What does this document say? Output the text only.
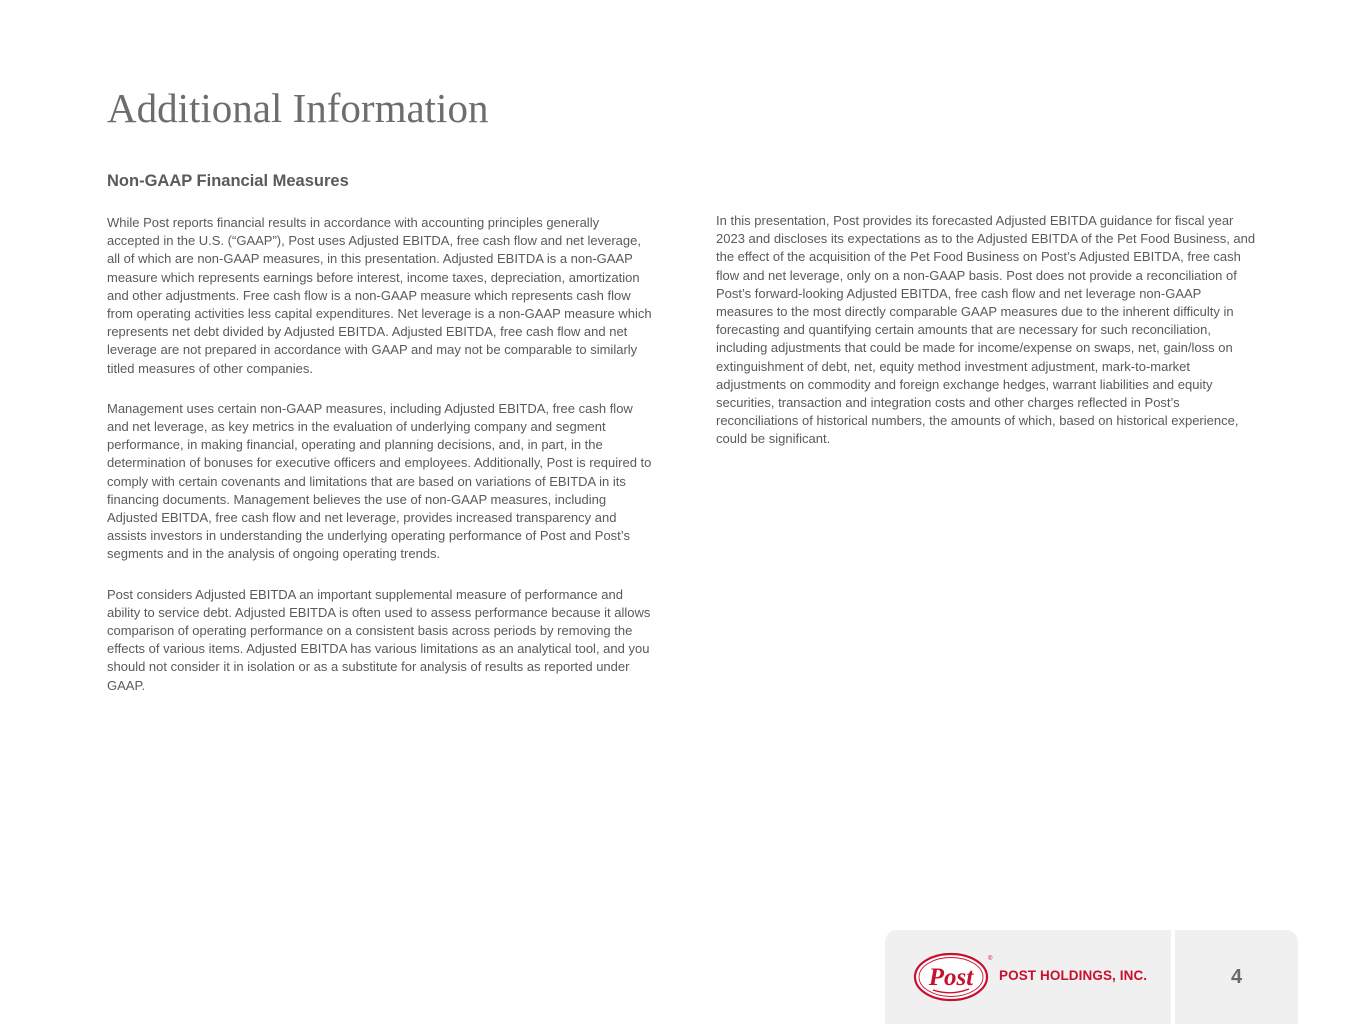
Additional Information
Non-GAAP Financial Measures

While Post reports financial results in accordance with accounting principles generally accepted in the U.S. (“GAAP”), Post uses Adjusted EBITDA, free cash flow and net leverage, all of which are non-GAAP measures, in this presentation. Adjusted EBITDA is a non-GAAP measure which represents earnings before interest, income taxes, depreciation, amortization and other adjustments. Free cash flow is a non-GAAP measure which represents cash flow from operating activities less capital expenditures. Net leverage is a non-GAAP measure which represents net debt divided by Adjusted EBITDA. Adjusted EBITDA, free cash flow and net leverage are not prepared in accordance with GAAP and may not be comparable to similarly titled measures of other companies.

Management uses certain non-GAAP measures, including Adjusted EBITDA, free cash flow and net leverage, as key metrics in the evaluation of underlying company and segment performance, in making financial, operating and planning decisions, and, in part, in the determination of bonuses for executive officers and employees. Additionally, Post is required to comply with certain covenants and limitations that are based on variations of EBITDA in its financing documents. Management believes the use of non-GAAP measures, including Adjusted EBITDA, free cash flow and net leverage, provides increased transparency and assists investors in understanding the underlying operating performance of Post and Post’s segments and in the analysis of ongoing operating trends.

Post considers Adjusted EBITDA an important supplemental measure of performance and ability to service debt. Adjusted EBITDA is often used to assess performance because it allows comparison of operating performance on a consistent basis across periods by removing the effects of various items. Adjusted EBITDA has various limitations as an analytical tool, and you should not consider it in isolation or as a substitute for analysis of results as reported under GAAP.

In this presentation, Post provides its forecasted Adjusted EBITDA guidance for fiscal year 2023 and discloses its expectations as to the Adjusted EBITDA of the Pet Food Business, and the effect of the acquisition of the Pet Food Business on Post’s Adjusted EBITDA, free cash flow and net leverage, only on a non-GAAP basis. Post does not provide a reconciliation of Post’s forward-looking Adjusted EBITDA, free cash flow and net leverage non-GAAP measures to the most directly comparable GAAP measures due to the inherent difficulty in forecasting and quantifying certain amounts that are necessary for such reconciliation, including adjustments that could be made for income/expense on swaps, net, gain/loss on extinguishment of debt, net, equity method investment adjustment, mark-to-market adjustments on commodity and foreign exchange hedges, warrant liabilities and equity securities, transaction and integration costs and other charges reflected in Post’s reconciliations of historical numbers, the amounts of which, based on historical experience, could be significant.

Post
®
POST HOLDINGS, INC.	4
